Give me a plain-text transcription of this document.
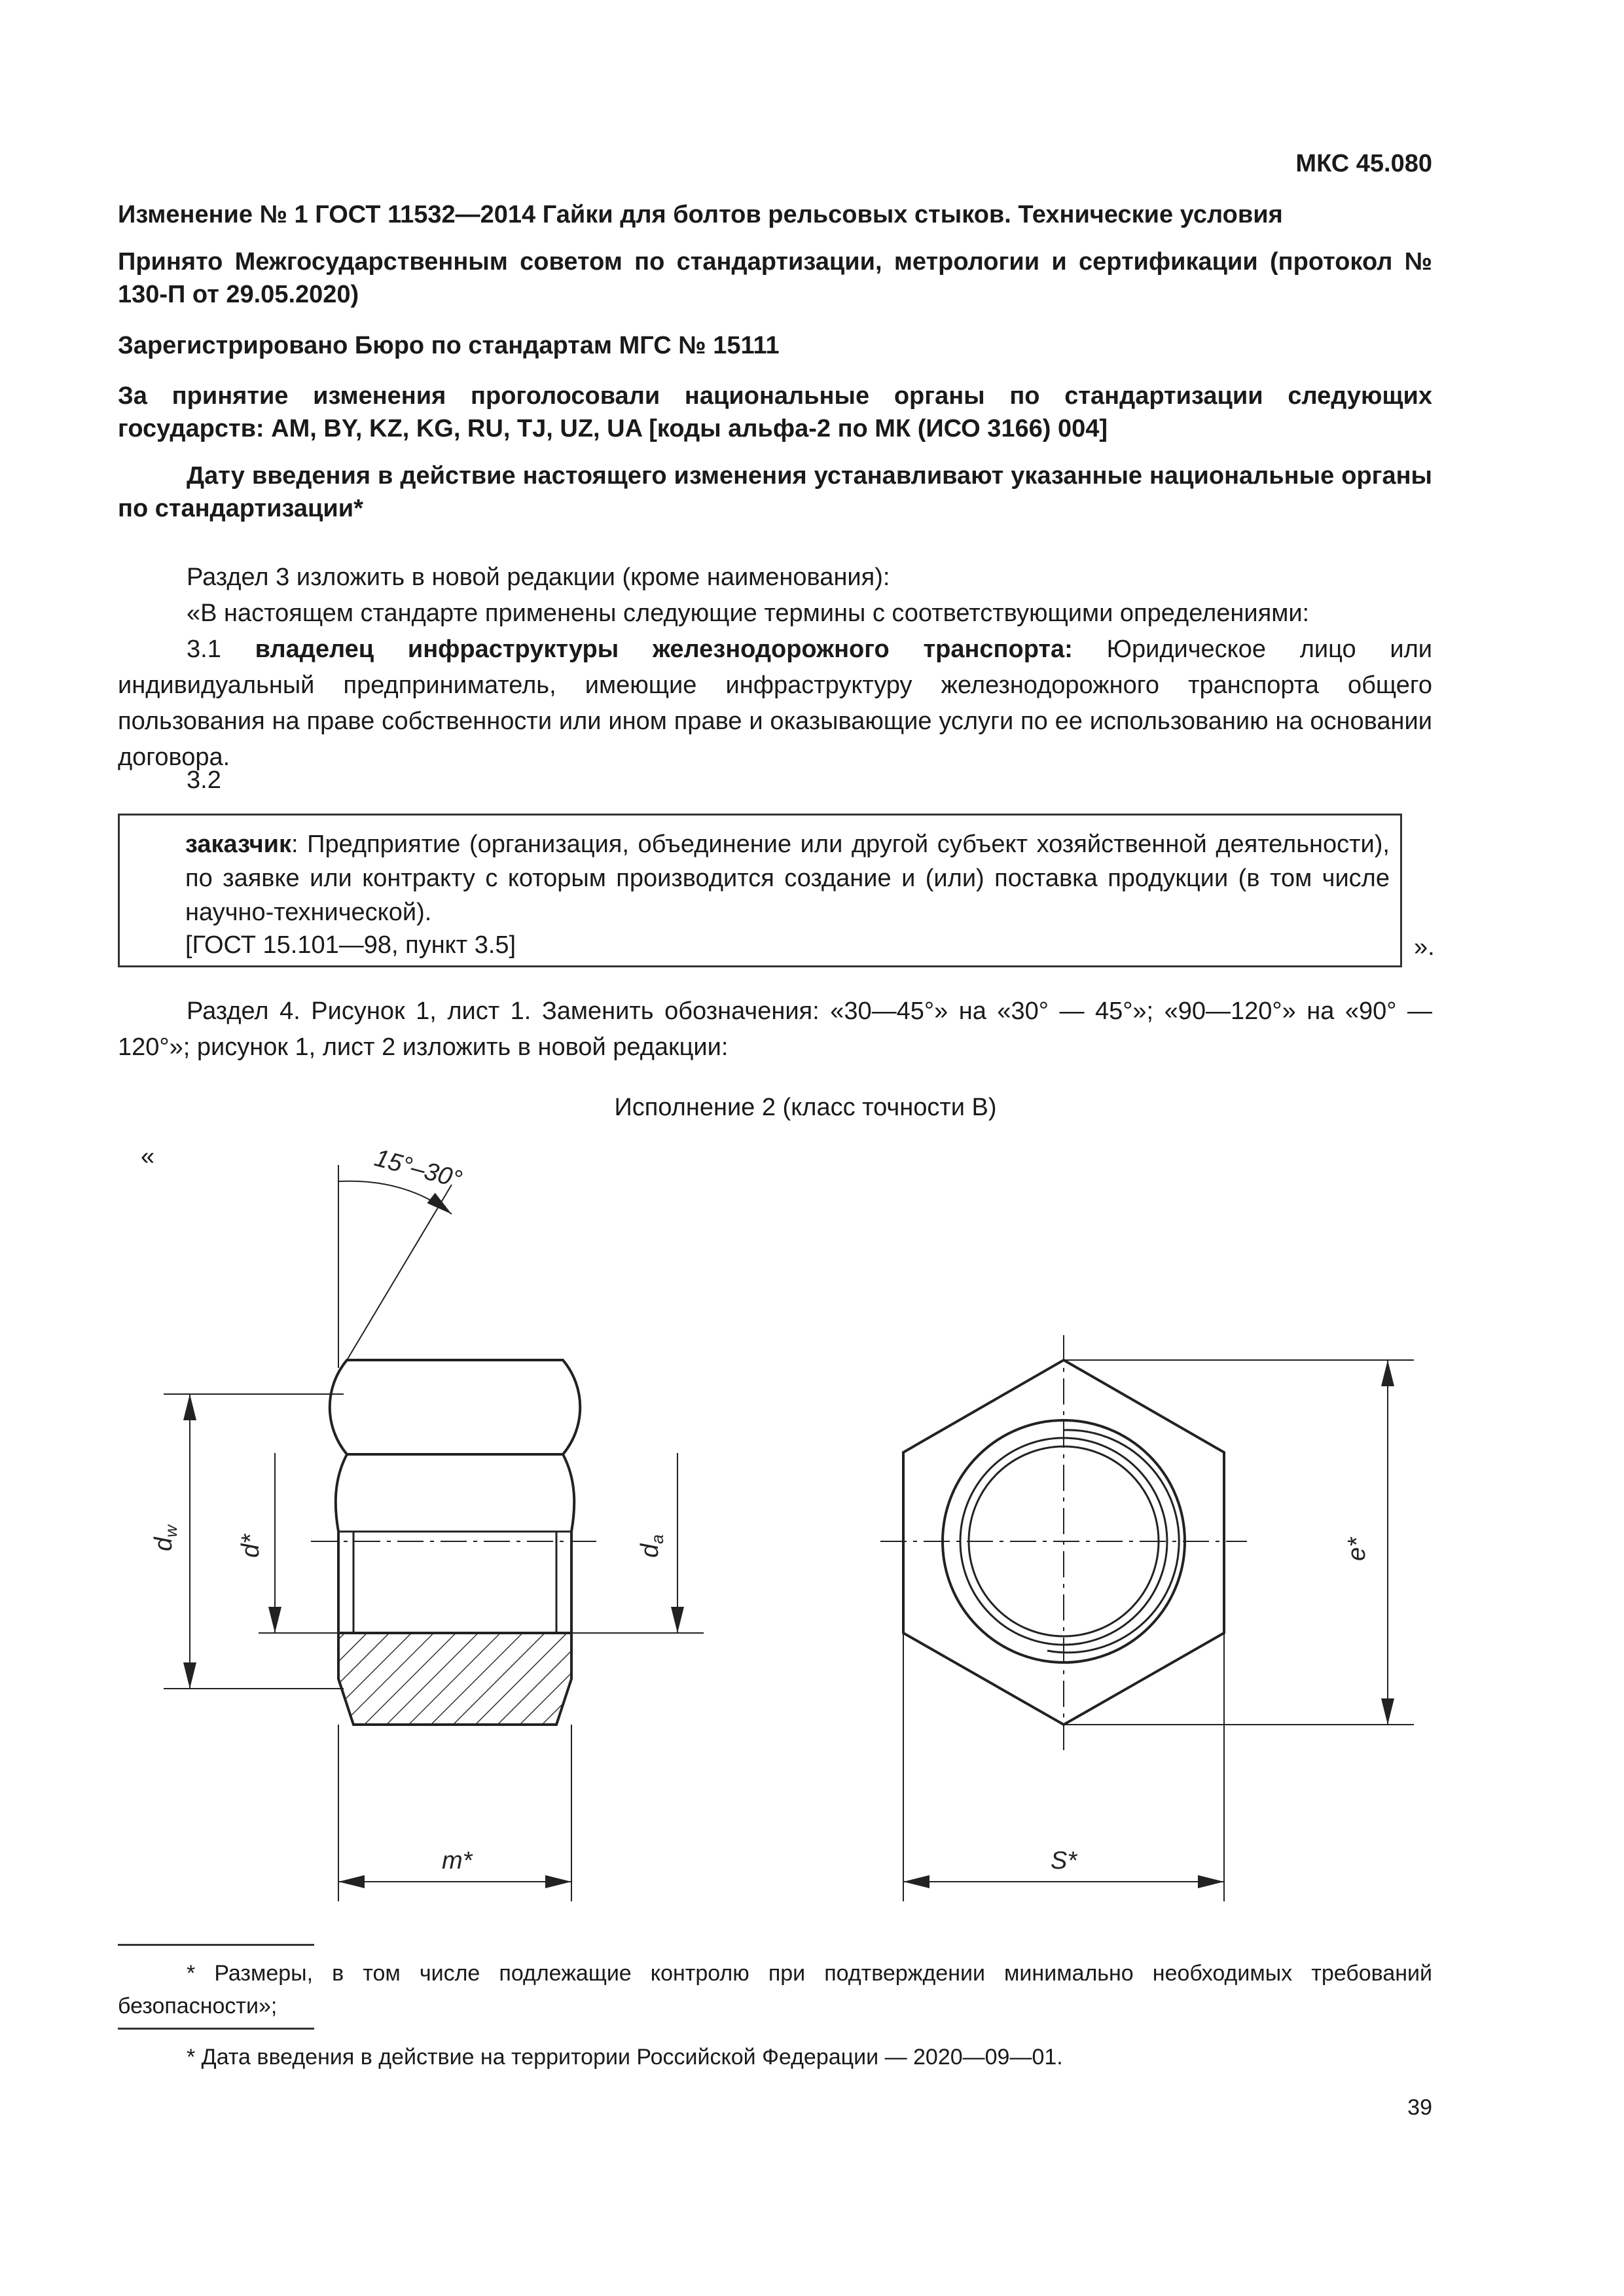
МКС 45.080
Изменение № 1 ГОСТ 11532—2014 Гайки для болтов рельсовых стыков. Технические условия
Принято Межгосударственным советом по стандартизации, метрологии и сертификации (протокол № 130-П от 29.05.2020)
Зарегистрировано Бюро по стандартам МГС № 15111
За принятие изменения проголосовали национальные органы по стандартизации следующих государств: AM, BY, KZ, KG, RU, TJ, UZ, UA [коды альфа-2 по МК (ИСО 3166) 004]
Дату введения в действие настоящего изменения устанавливают указанные национальные органы по стандартизации*
Раздел 3 изложить в новой редакции (кроме наименования):
«В настоящем стандарте применены следующие термины с соответствующими определениями:
3.1 владелец инфраструктуры железнодорожного транспорта: Юридическое лицо или индивидуальный предприниматель, имеющие инфраструктуру железнодорожного транспорта общего пользования на праве собственности или ином праве и оказывающие услуги по ее использованию на основании договора.
3.2
заказчик: Предприятие (организация, объединение или другой субъект хозяйственной деятельности), по заявке или контракту с которым производится создание и (или) поставка продукции (в том числе научно-технической).
[ГОСТ 15.101—98, пункт 3.5]	».
Раздел 4. Рисунок 1, лист 1. Заменить обозначения: «30—45°» на «30° — 45°»; «90—120°» на «90° — 120°»; рисунок 1, лист 2 изложить в новой редакции:
Исполнение 2 (класс точности В)
«	15°–30°
$d_w$
d*	$d_a$	e*
m*	S*
* Размеры, в том числе подлежащие контролю при подтверждении минимально необходимых требований безопасности»;
* Дата введения в действие на территории Российской Федерации — 2020—09—01.
39
